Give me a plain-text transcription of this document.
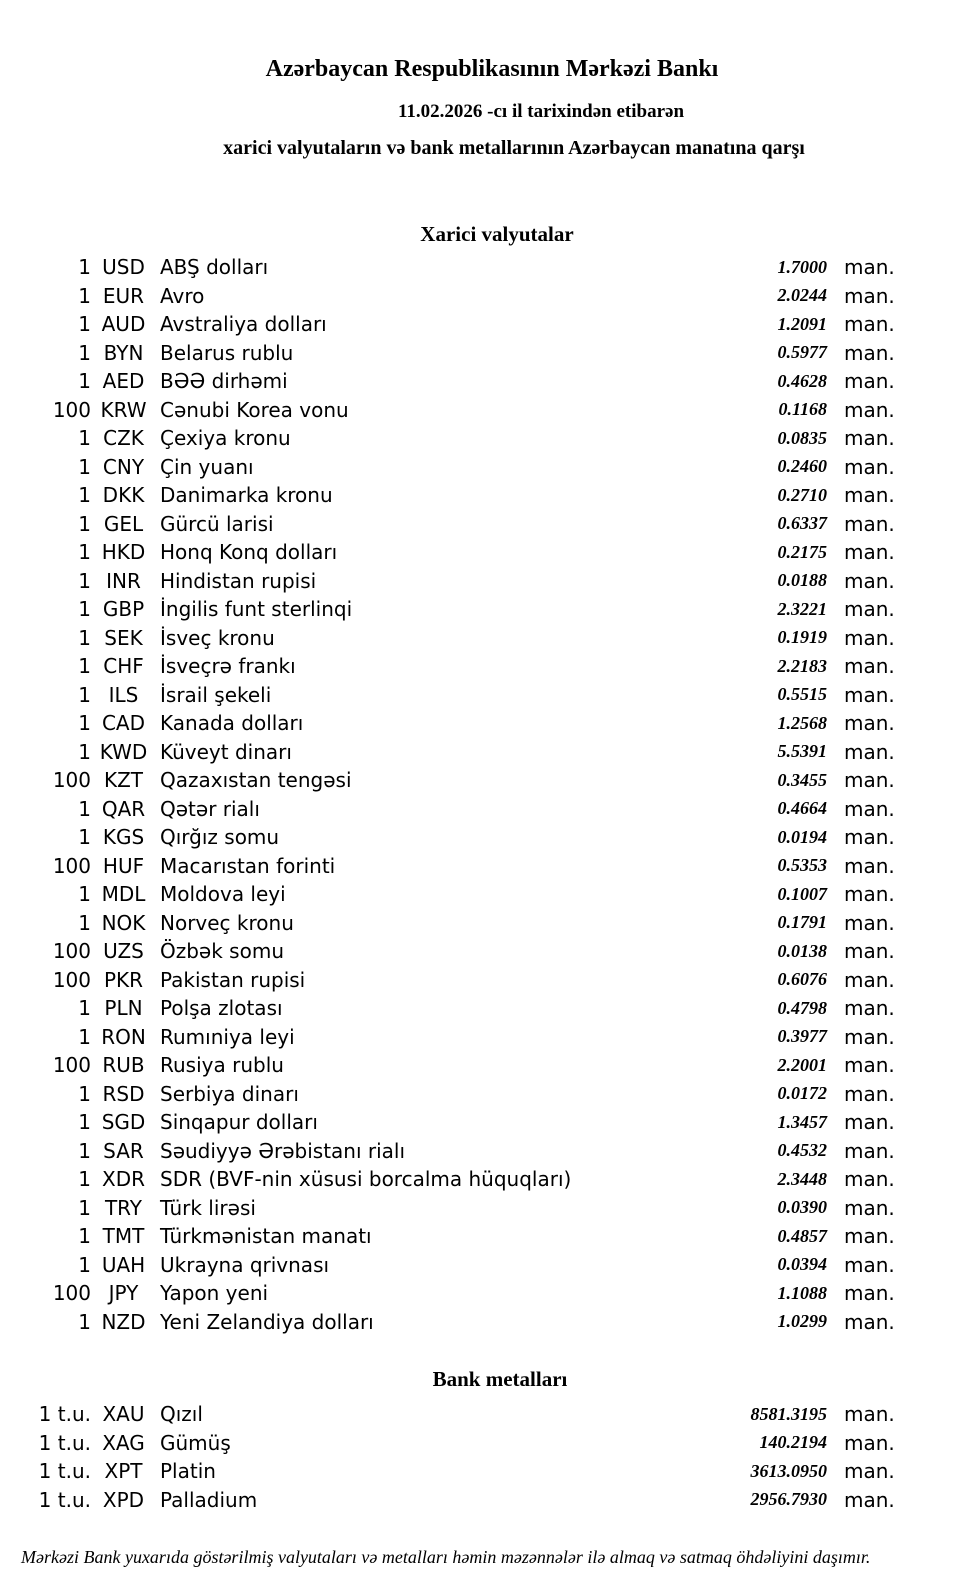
Azərbaycan Respublikasının Mərkəzi Bankı
11.02.2026 -cı il tarixindən etibarən
xarici valyutaların və bank metallarının Azərbaycan manatına qarşı
Xarici valyutalar
1 USD ABŞ dolları	1.7000 man.
1 EUR Avro	2.0244 man.
1 AUD Avstraliya dolları	1.2091 man.
1 BYN Belarus rublu	0.5977 man.
1 AED BƏƏ dirhəmi	0.4628 man.
100 KRW Cənubi Korea vonu	0.1168 man.
1 CZK Çexiya kronu	0.0835 man.
1 CNY Çin yuanı	0.2460 man.
1 DKK Danimarka kronu	0.2710 man.
1 GEL Gürcü larisi	0.6337 man.
1 HKD Honq Konq dolları	0.2175 man.
1 INR Hindistan rupisi	0.0188 man.
1 GBP İngilis funt sterlinqi	2.3221 man.
1 SEK İsveç kronu	0.1919 man.
1 CHF İsveçrə frankı	2.2183 man.
1 ILS	İsrail şekeli	0.5515 man.
1 CAD Kanada dolları	1.2568 man.
1 KWD Küveyt dinarı	5.5391 man.
100 KZT Qazaxıstan tengəsi	0.3455 man.
1 QAR Qətər rialı	0.4664 man.
1 KGS Qırğız somu	0.0194 man.
100 HUF Macarıstan forinti	0.5353 man.
1 MDL Moldova leyi	0.1007 man.
1 NOK Norveç kronu	0.1791 man.
100 UZS Özbək somu	0.0138 man.
100 PKR Pakistan rupisi	0.6076 man.
1 PLN Polşa zlotası	0.4798 man.
1 RON Rumıniya leyi	0.3977 man.
100 RUB Rusiya rublu	2.2001 man.
1 RSD Serbiya dinarı	0.0172 man.
1 SGD Sinqapur dolları	1.3457 man.
1 SAR Səudiyyə Ərəbistanı rialı	0.4532 man.
1 XDR SDR (BVF-nin xüsusi borcalma hüquqları)	2.3448 man.
1 TRY Türk lirəsi	0.0390 man.
1 TMT Türkmənistan manatı	0.4857 man.
1 UAH Ukrayna qrivnası	0.0394 man.
100 JPY	Yapon yeni	1.1088 man.
1 NZD Yeni Zelandiya dolları	1.0299 man.
Bank metalları
1 t.u. XAU Qızıl	8581.3195 man.
1 t.u. XAG Gümüş	140.2194 man.
1 t.u. XPT Platin	3613.0950 man.
1 t.u. XPD Palladium	2956.7930 man.
Mərkəzi Bank yuxarıda göstərilmiş valyutaları və metalları həmin məzənnələr ilə almaq və satmaq öhdəliyini daşımır.
